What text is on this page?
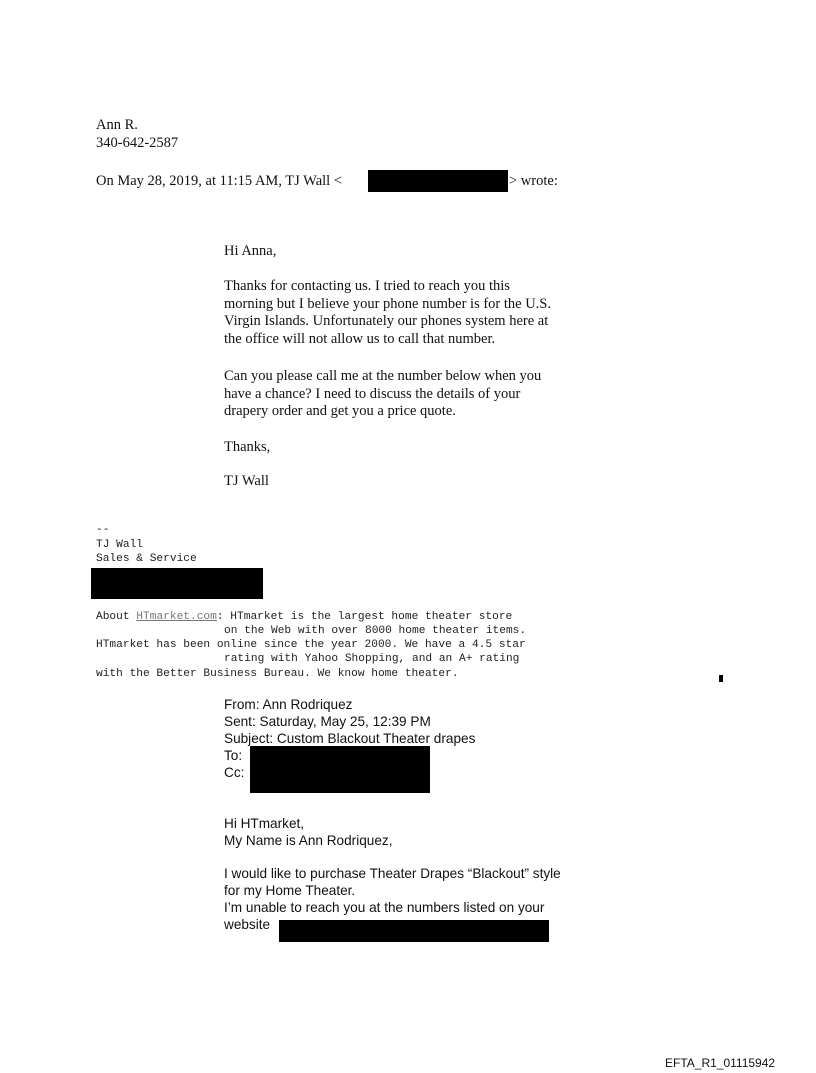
Ann R.
340-642-2587
On May 28, 2019, at 11:15 AM, TJ Wall <	> wrote:
Hi Anna,

Thanks for contacting us. I tried to reach you this

morning but I believe your phone number is for the U.S.

Virgin Islands. Unfortunately our phones system here at

the office will not allow us to call that number.

Can you please call me at the number below when you

have a chance? I need to discuss the details of your

drapery order and get you a price quote.

Thanks,
TJ Wall
--
TJ Wall
Sales & Service
About HTmarket.com: HTmarket is the largest home theater store
on the Web with over 8000 home theater items.
HTmarket has been online since the year 2000. We have a 4.5 star
rating with Yahoo Shopping, and an A+ rating
with the Better Business Bureau. We know home theater.
From: Ann Rodriquez
Sent: Saturday, May 25, 12:39 PM
Subject: Custom Blackout Theater drapes
To:
Cc:
Hi HTmarket,
My Name is Ann Rodriquez,

I would like to purchase Theater Drapes “Blackout” style

for my Home Theater.

I’m unable to reach you at the numbers listed on your

website
EFTA_R1_01115942
